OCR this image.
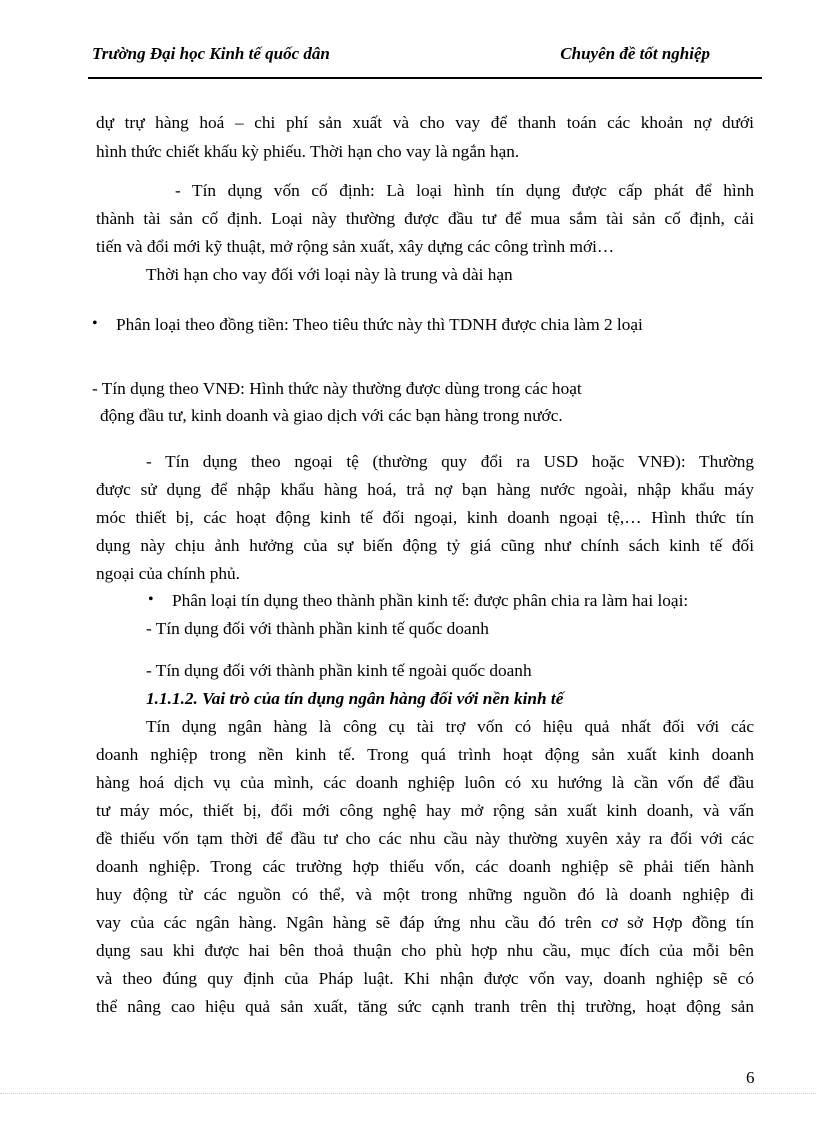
Trường Đại học Kinh tế quốc dân	Chuyên đề tốt nghiệp
dự trự hàng hoá – chi phí sản xuất và cho vay để thanh toán các khoản nợ dưới
hình thức chiết khấu kỳ phiếu. Thời hạn cho vay là ngắn hạn.
- Tín dụng vốn cố định: Là loại hình tín dụng được cấp phát để hình
thành tài sản cố định. Loại này thường được đầu tư để mua sắm tài sản cố định, cải
tiến và đổi mới kỹ thuật, mở rộng sản xuất, xây dựng các công trình mới…
Thời hạn cho vay đối với loại này là trung và dài hạn
• Phân loại theo đồng tiền: Theo tiêu thức này thì TDNH được chia làm 2 loại
- Tín dụng theo VNĐ: Hình thức này thường được dùng trong các hoạt
động đầu tư, kinh doanh và giao dịch với các bạn hàng trong nước.
- Tín dụng theo ngoại tệ (thường quy đổi ra USD hoặc VNĐ): Thường
được sử dụng để nhập khẩu hàng hoá, trả nợ bạn hàng nước ngoài, nhập khẩu máy
móc thiết bị, các hoạt động kinh tế đối ngoại, kinh doanh ngoại tệ,… Hình thức tín
dụng này chịu ảnh hưởng của sự biến động tỷ giá cũng như chính sách kinh tế đối
ngoại của chính phủ.
• Phân loại tín dụng theo thành phần kinh tế: được phân chia ra làm hai loại:
- Tín dụng đối với thành phần kinh tế quốc doanh
- Tín dụng đối với thành phần kinh tế ngoài quốc doanh
1.1.1.2. Vai trò của tín dụng ngân hàng đối với nền kinh tế
Tín dụng ngân hàng là công cụ tài trợ vốn có hiệu quả nhất đối với các
doanh nghiệp trong nền kinh tế. Trong quá trình hoạt động sản xuất kinh doanh
hàng hoá dịch vụ của mình, các doanh nghiệp luôn có xu hướng là cần vốn để đầu
tư máy móc, thiết bị, đổi mới công nghệ hay mở rộng sản xuất kinh doanh, và vấn
đề thiếu vốn tạm thời để đầu tư cho các nhu cầu này thường xuyên xảy ra đối với các
doanh nghiệp. Trong các trường hợp thiếu vốn, các doanh nghiệp sẽ phải tiến hành
huy động từ các nguồn có thể, và một trong những nguồn đó là doanh nghiệp đi
vay của các ngân hàng. Ngân hàng sẽ đáp ứng nhu cầu đó trên cơ sở Hợp đồng tín
dụng sau khi được hai bên thoả thuận cho phù hợp nhu cầu, mục đích của mỗi bên
và theo đúng quy định của Pháp luật. Khi nhận được vốn vay, doanh nghiệp sẽ có
thể nâng cao hiệu quả sản xuất, tăng sức cạnh tranh trên thị trường, hoạt động sản
6
